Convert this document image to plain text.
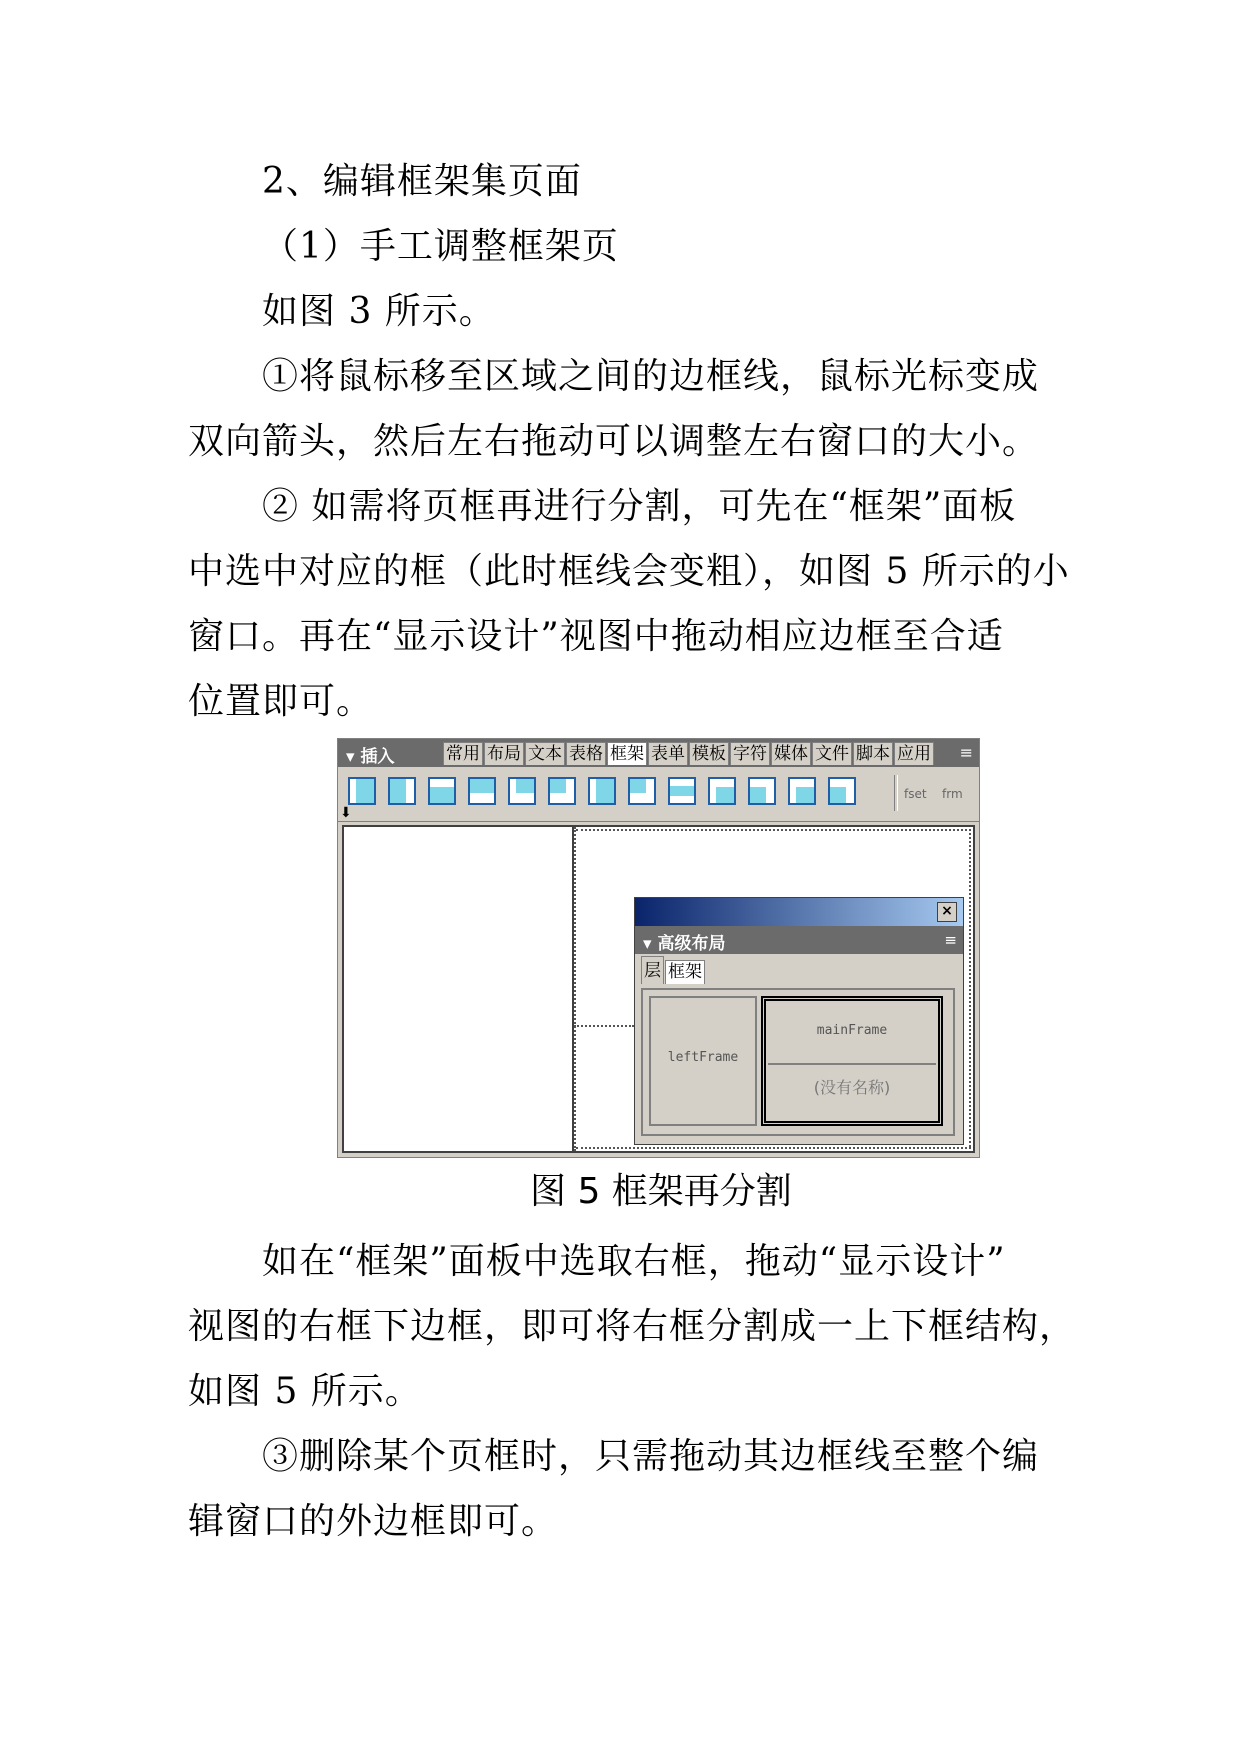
2、编辑框架集页面
（1）手工调整框架页
如图 3 所示。
①将鼠标移至区域之间的边框线，鼠标光标变成
双向箭头，然后左右拖动可以调整左右窗口的大小。
② 如需将页框再进行分割，可先在“框架”面板
中选中对应的框（此时框线会变粗），如图 5 所示的小
窗口。再在“显示设计”视图中拖动相应边框至合适
位置即可。
▾ 插入	常用 布局 文本 表格 框架 表单 模板 字符 媒体 文件 脚本 应用 ≡
fset frm
⬇
×
▾ 高级布局	≡
层 框架
leftFrame
mainFrame
(没有名称)
图 5 框架再分割
如在“框架”面板中选取右框，拖动“显示设计”
视图的右框下边框，即可将右框分割成一上下框结构，
如图 5 所示。
③删除某个页框时，只需拖动其边框线至整个编
辑窗口的外边框即可。
